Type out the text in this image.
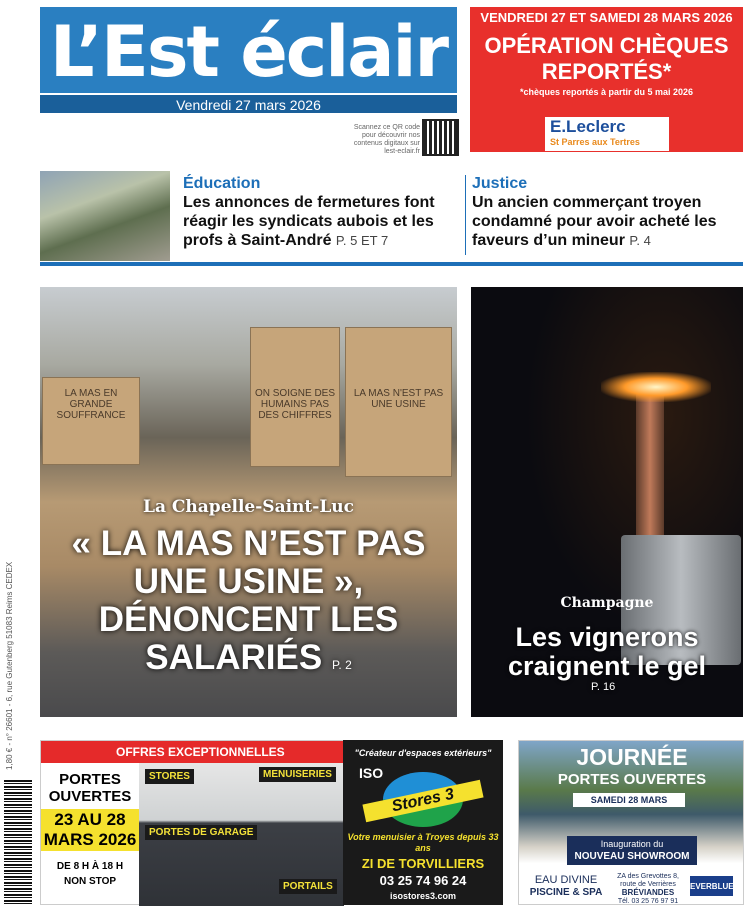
L’Est éclair
Vendredi 27 mars 2026
Scannez ce QR code pour découvrir nos contenus digitaux sur lest-eclair.fr
VENDREDI 27 ET SAMEDI 28 MARS 2026
OPÉRATION CHÈQUES REPORTÉS*
*chèques reportés à partir du 5 mai 2026
E.Leclerc
St Parres aux Tertres
Éducation
Les annonces de fermetures font réagir les syndicats aubois et les profs à Saint-André P. 5 ET 7
Justice
Un ancien commerçant troyen condamné pour avoir acheté les faveurs d’un mineur P. 4
LA MAS EN GRANDE SOUFFRANCE
ON SOIGNE DES HUMAINS PAS DES CHIFFRES
LA MAS N'EST PAS UNE USINE
La Chapelle-Saint-Luc
« LA MAS N’EST PAS UNE USINE », DÉNONCENT LES SALARIÉS P. 2
Champagne
Les vignerons craignent le gel
P. 16
1,80 € - n° 26601 - 6, rue Gutenberg 51083 Reims CEDEX	OFFRES EXCEPTIONNELLES
STORES	MENUISERIES
PORTES DE GARAGE
PORTAILS
PORTES OUVERTES
23 AU 28 MARS 2026
DE 8 H À 18 H
NON STOP
"Créateur d'espaces extérieurs"
ISO
Stores 3
Votre menuisier à Troyes depuis 33 ans
ZI DE TORVILLIERS
03 25 74 96 24
isostores3.com
JOURNÉE
PORTES OUVERTES
SAMEDI 28 MARS
Inauguration du
NOUVEAU SHOWROOM
EAU DIVINE
PISCINE & SPA
ZA des Grevottes 8, route de Verrières
BRÉVIANDES
Tél. 03 25 76 97 91
EVERBLUE
